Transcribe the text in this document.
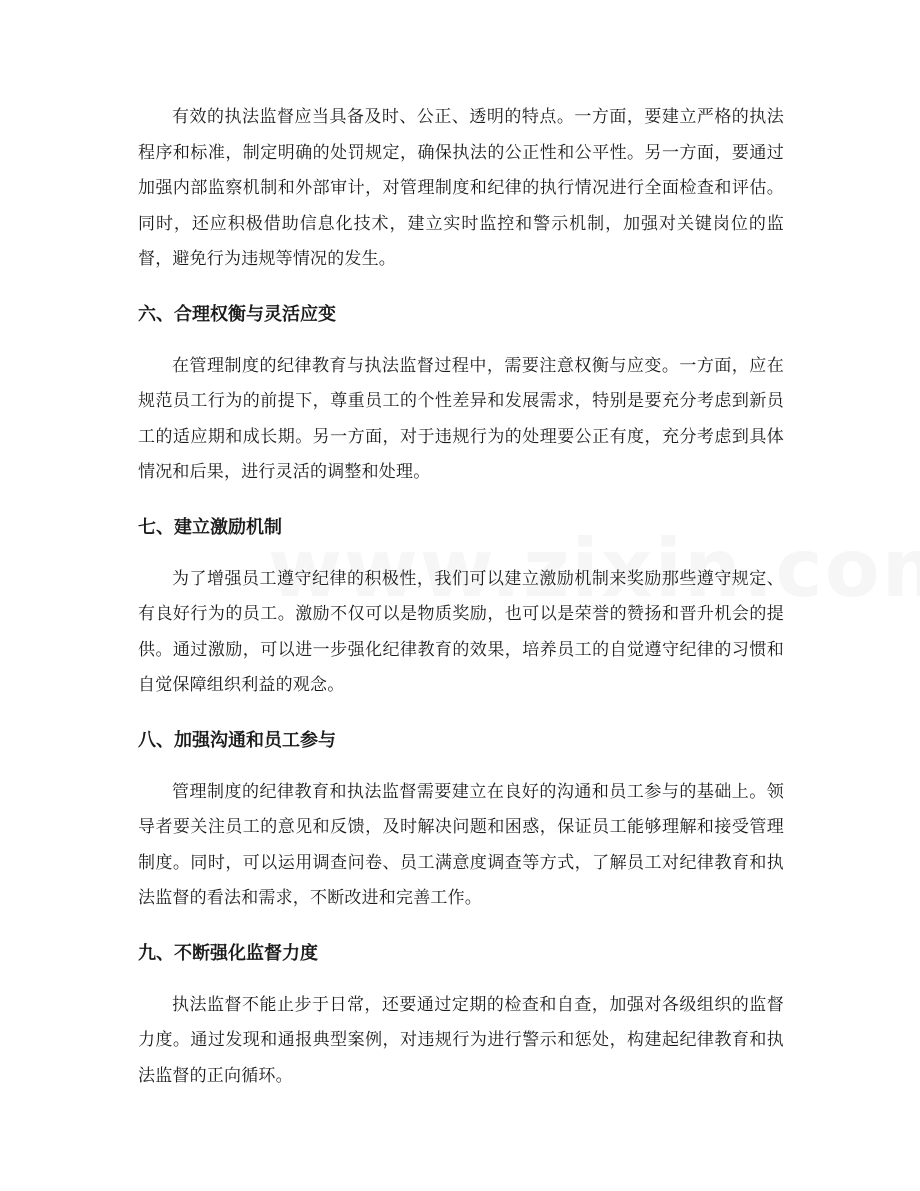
有效的执法监督应当具备及时、公正、透明的特点。一方面，要建立严格的执法程序和标准，制定明确的处罚规定，确保执法的公正性和公平性。另一方面，要通过加强内部监察机制和外部审计，对管理制度和纪律的执行情况进行全面检查和评估。同时，还应积极借助信息化技术，建立实时监控和警示机制，加强对关键岗位的监督，避免行为违规等情况的发生。

六、合理权衡与灵活应变

在管理制度的纪律教育与执法监督过程中，需要注意权衡与应变。一方面，应在规范员工行为的前提下，尊重员工的个性差异和发展需求，特别是要充分考虑到新员工的适应期和成长期。另一方面，对于违规行为的处理要公正有度，充分考虑到具体情况和后果，进行灵活的调整和处理。

七、建立激励机制

为了增强员工遵守纪律的积极性，我们可以建立激励机制来奖励那些遵守规定、有良好行为的员工。激励不仅可以是物质奖励，也可以是荣誉的赞扬和晋升机会的提供。通过激励，可以进一步强化纪律教育的效果，培养员工的自觉遵守纪律的习惯和自觉保障组织利益的观念。

八、加强沟通和员工参与

管理制度的纪律教育和执法监督需要建立在良好的沟通和员工参与的基础上。领导者要关注员工的意见和反馈，及时解决问题和困惑，保证员工能够理解和接受管理制度。同时，可以运用调查问卷、员工满意度调查等方式，了解员工对纪律教育和执法监督的看法和需求，不断改进和完善工作。

九、不断强化监督力度

执法监督不能止步于日常，还要通过定期的检查和自查，加强对各级组织的监督力度。通过发现和通报典型案例，对违规行为进行警示和惩处，构建起纪律教育和执法监督的正向循环。
